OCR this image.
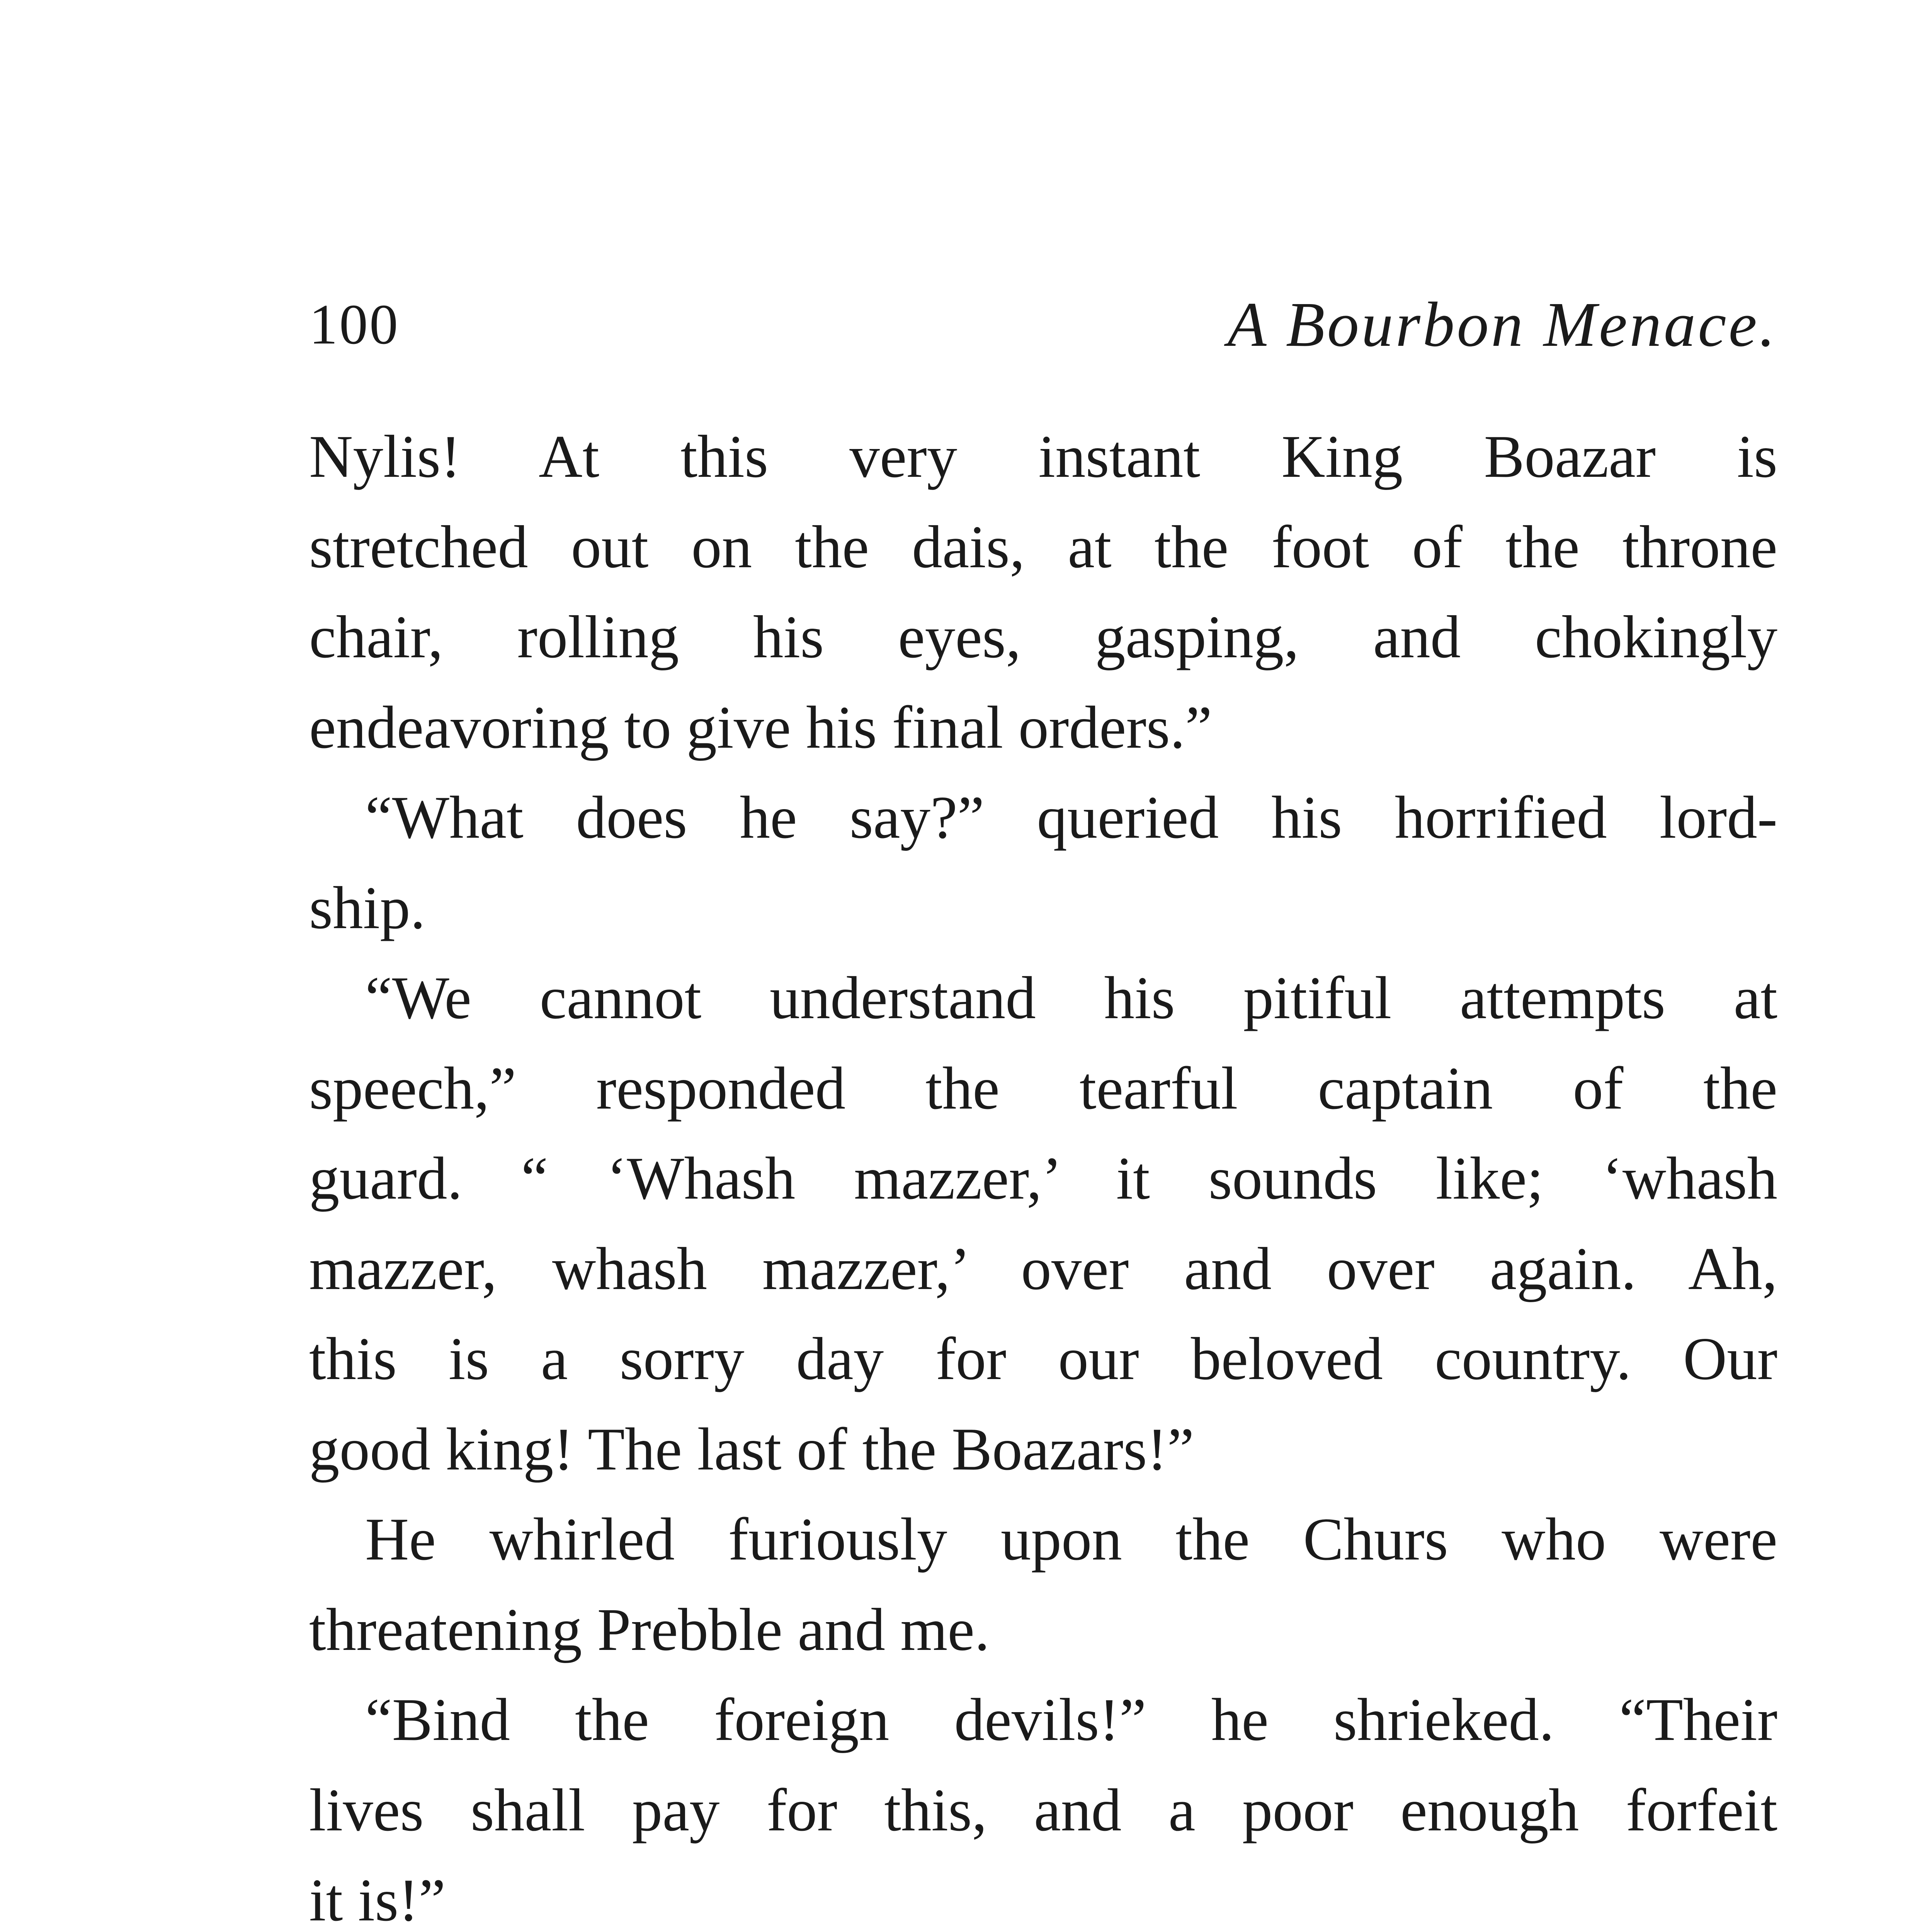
100	A Bourbon Menace.
Nylis! At this very instant King Boazar is
stretched out on the dais, at the foot of the throne
chair, rolling his eyes, gasping, and chokingly
endeavoring to give his final orders.”
“What does he say?” queried his horrified lord-
ship.
“We cannot understand his pitiful attempts at
speech,” responded the tearful captain of the
guard. “ ‘Whash mazzer,’ it sounds like; ‘whash
mazzer, whash mazzer,’ over and over again. Ah,
this is a sorry day for our beloved country. Our
good king! The last of the Boazars!”
He whirled furiously upon the Churs who were
threatening Prebble and me.
“Bind the foreign devils!” he shrieked. “Their
lives shall pay for this, and a poor enough forfeit
it is!”
